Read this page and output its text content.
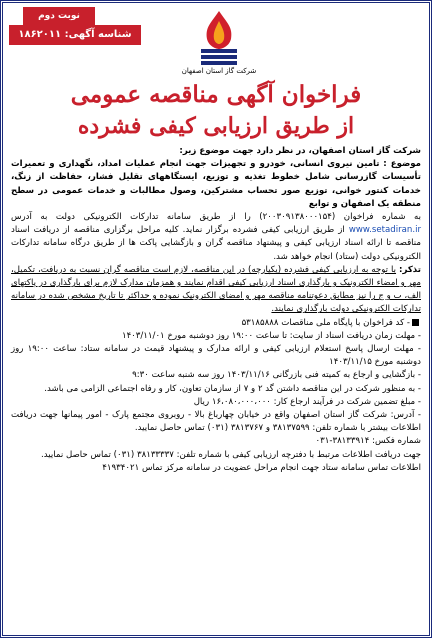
نوبت دوم
شناسه آگهی: ۱۸۶۲۰۱۱
شرکت گاز استان اصفهان
فراخوان آگهی مناقصه عمومی
از طریق ارزیابی کیفی فشرده

شرکت گاز استان اصفهان، در نظر دارد جهت موضوع زیر:

موضوع : تامین نیروی انسانی، خودرو و تجهیزات جهت انجام عملیات امداد، نگهداری و تعمیرات تأسیسات گازرسانی شامل خطوط تغذیه و توزیع، ایستگاههای تقلیل فشار، حفاظت از زنگ، خدمات کنتور خوانی، توزیع صور تحساب مشترکین، وصول مطالبات و خدمات عمومی در سطح منطقه یک اصفهان و توابع

به شماره فراخوان (۲۰۰۳۰۹۱۳۸۰۰۰۱۵۴) را از طریق سامانه تدارکات الکترونیکی دولت به آدرس www.setadiran.ir از طریق ارزیابی کیفی فشرده برگزار نماید. کلیه مراحل برگزاری مناقصه از دریافت اسناد مناقصه تا ارائه اسناد ارزیابی کیفی و پیشنهاد مناقصه گران و بازگشایی پاکت ها از طریق درگاه سامانه تدارکات الکترونیکی دولت (ستاد) انجام خواهد شد.

تذکر: با توجه به ارزیابی کیفی فشرده (یکپارچه) در این مناقصه، لازم است مناقصه گران نسبت به دریافت، تکمیل، مهر و امضاء الکترونیک و بارگذاری اسناد ارزیابی کیفی اقدام نمایند و همزمان مدارک لازم برای بارگذاری در پاکتهای الف، ب و ج را نیز مطابق دعوتنامه مناقصه مهر و امضای الکترونیک نموده و حداکثر تا تاریخ مشخص شده در سامانه تدارکات الکترونیکی دولت بارگذاری نمایند.

- کد فراخوان با پایگاه ملی مناقصات ۵۳۱۸۵۸۸۸

- مهلت زمان دریافت اسناد از سایت: تا ساعت ۱۹:۰۰ روز دوشنبه مورخ ۱۴۰۳/۱۱/۰۱

- مهلت ارسال پاسخ استعلام ارزیابی کیفی و ارائه مدارک و پیشنهاد قیمت در سامانه ستاد: ساعت ۱۹:۰۰ روز دوشنبه مورخ ۱۴۰۳/۱۱/۱۵

- بازگشایی و ارجاع به کمیته فنی بازرگانی ۱۴۰۳/۱۱/۱۶ روز سه شنبه ساعت ۹:۳۰

- به منظور شرکت در این مناقصه داشتن گد ۲ و ۷ از سازمان تعاون، کار و رفاه اجتماعی الزامی می باشد.

- مبلغ تضمین شرکت در فرآیند ارجاع کار: ۱۶،۰۸۰،۰۰۰،۰۰۰ ریال

- آدرس: شرکت گاز استان اصفهان واقع در خیابان چهارباغ بالا - روبروی مجتمع پارک - امور پیمانها جهت دریافت اطلاعات بیشتر با شماره تلفن: ۳۸۱۳۷۵۹۹ و ۳۸۱۳۷۶۷ (۰۳۱) تماس حاصل نمایید.

شماره فکس: ۳۸۱۳۳۹۱۴-۰۳۱

جهت دریافت اطلاعات مرتبط با دفترچه ارزیابی کیفی با شماره تلفن: ۳۸۱۳۳۳۳۷ (۰۳۱) تماس حاصل نمایید.

اطلاعات تماس سامانه ستاد جهت انجام مراحل عضویت در سامانه مرکز تماس ۴۱۹۳۴۰۲۱
